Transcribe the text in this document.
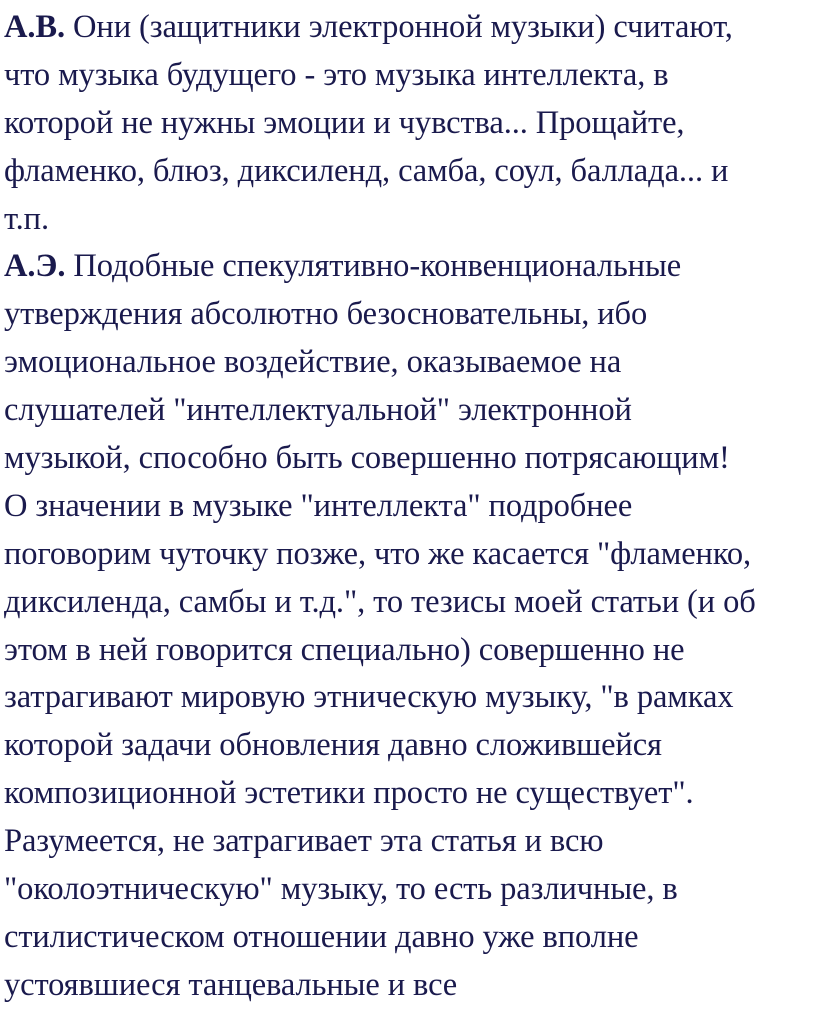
А.В. Они (защитники электронной музыки) считают,
что музыка будущего - это музыка интеллекта, в
которой не нужны эмоции и чувства... Прощайте,
фламенко, блюз, диксиленд, самба, соул, баллада... и
т.п.
А.Э. Подобные спекулятивно-конвенциональные
утверждения абсолютно безосновательны, ибо
эмоциональное воздействие, оказываемое на
слушателей "интеллектуальной" электронной
музыкой, способно быть совершенно потрясающим!
О значении в музыке "интеллекта" подробнее
поговорим чуточку позже, что же касается "фламенко,
диксиленда, самбы и т.д.", то тезисы моей статьи (и об
этом в ней говорится специально) совершенно не
затрагивают мировую этническую музыку, "в рамках
которой задачи обновления давно сложившейся
композиционной эстетики просто не существует".
Разумеется, не затрагивает эта статья и всю
"околоэтническую" музыку, то есть различные, в
стилистическом отношении давно уже вполне
устоявшиеся танцевальные и все
